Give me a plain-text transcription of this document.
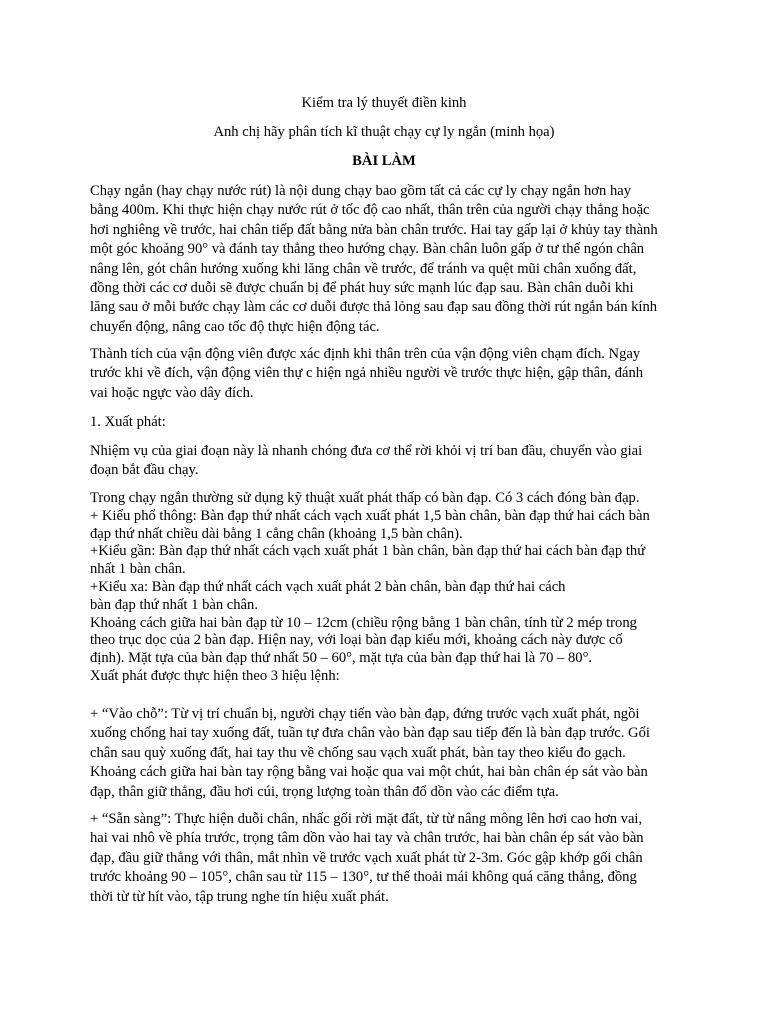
Kiểm tra lý thuyết điền kinh
Anh chị hãy phân tích kĩ thuật chạy cự ly ngắn (minh họa)
BÀI LÀM
Chạy ngắn (hay chạy nước rút) là nội dung chạy bao gồm tất cả các cự ly chạy ngắn hơn hay
bằng 400m. Khi thực hiện chạy nước rút ở tốc độ cao nhất, thân trên của người chạy thẳng hoặc
hơi nghiêng về trước, hai chân tiếp đất bằng nửa bàn chân trước. Hai tay gấp lại ở khủy tay thành
một góc khoảng 90° và đánh tay thẳng theo hướng chạy. Bàn chân luôn gấp ở tư thế ngón chân
nâng lên, gót chân hướng xuống khi lăng chân về trước, để tránh va quệt mũi chân xuống đất,
đồng thời các cơ duỗi sẽ được chuẩn bị để phát huy sức mạnh lúc đạp sau. Bàn chân duỗi khi
lăng sau ở mỗi bước chạy làm các cơ duỗi được thả lỏng sau đạp sau đồng thời rút ngắn bán kính
chuyển động, nâng cao tốc độ thực hiện động tác.
Thành tích của vận động viên được xác định khi thân trên của vận động viên chạm đích. Ngay
trước khi về đích, vận động viên thự c hiện ngả nhiều người về trước thực hiện, gập thân, đánh
vai hoặc ngực vào dây đích.
1. Xuất phát:
Nhiệm vụ của giai đoạn này là nhanh chóng đưa cơ thể rời khỏi vị trí ban đầu, chuyển vào giai
đoạn bắt đầu chạy.
Trong chạy ngắn thường sử dụng kỹ thuật xuất phát thấp có bàn đạp. Có 3 cách đóng bàn đạp.
+ Kiểu phổ thông: Bàn đạp thứ nhất cách vạch xuất phát 1,5 bàn chân, bàn đạp thứ hai cách bàn
đạp thứ nhất chiều dài bằng 1 cẳng chân (khoảng 1,5 bàn chân).
+Kiểu gần: Bàn đạp thứ nhất cách vạch xuất phát 1 bàn chân, bàn đạp thứ hai cách bàn đạp thứ
nhất 1 bàn chân.
+Kiểu xa: Bàn đạp thứ nhất cách vạch xuất phát 2 bàn chân, bàn đạp thứ hai cách
bàn đạp thứ nhất 1 bàn chân.
Khoảng cách giữa hai bàn đạp từ 10 – 12cm (chiều rộng bằng 1 bàn chân, tính từ 2 mép trong
theo trục dọc của 2 bàn đạp. Hiện nay, với loại bàn đạp kiểu mới, khoảng cách này được cố
định). Mặt tựa của bàn đạp thứ nhất 50 – 60°, mặt tựa của bàn đạp thứ hai là 70 – 80°.
Xuất phát được thực hiện theo 3 hiệu lệnh:
+ “Vào chỗ”: Từ vị trí chuẩn bị, người chạy tiến vào bàn đạp, đứng trước vạch xuất phát, ngồi
xuống chống hai tay xuống đất, tuần tự đưa chân vào bàn đạp sau tiếp đến là bàn đạp trước. Gối
chân sau quỳ xuống đất, hai tay thu về chống sau vạch xuất phát, bàn tay theo kiểu đo gạch.
Khoảng cách giữa hai bàn tay rộng bằng vai hoặc qua vai một chút, hai bàn chân ép sát vào bàn
đạp, thân giữ thẳng, đầu hơi cúi, trọng lượng toàn thân đổ dồn vào các điểm tựa.
+ “Sẵn sàng”: Thực hiện duỗi chân, nhấc gối rời mặt đất, từ từ nâng mông lên hơi cao hơn vai,
hai vai nhô về phía trước, trọng tâm dồn vào hai tay và chân trước, hai bàn chân ép sát vào bàn
đạp, đầu giữ thẳng với thân, mắt nhìn về trước vạch xuất phát từ 2-3m. Góc gập khớp gối chân
trước khoảng 90 – 105°, chân sau từ 115 – 130°, tư thế thoải mái không quá căng thẳng, đồng
thời từ từ hít vào, tập trung nghe tín hiệu xuất phát.
